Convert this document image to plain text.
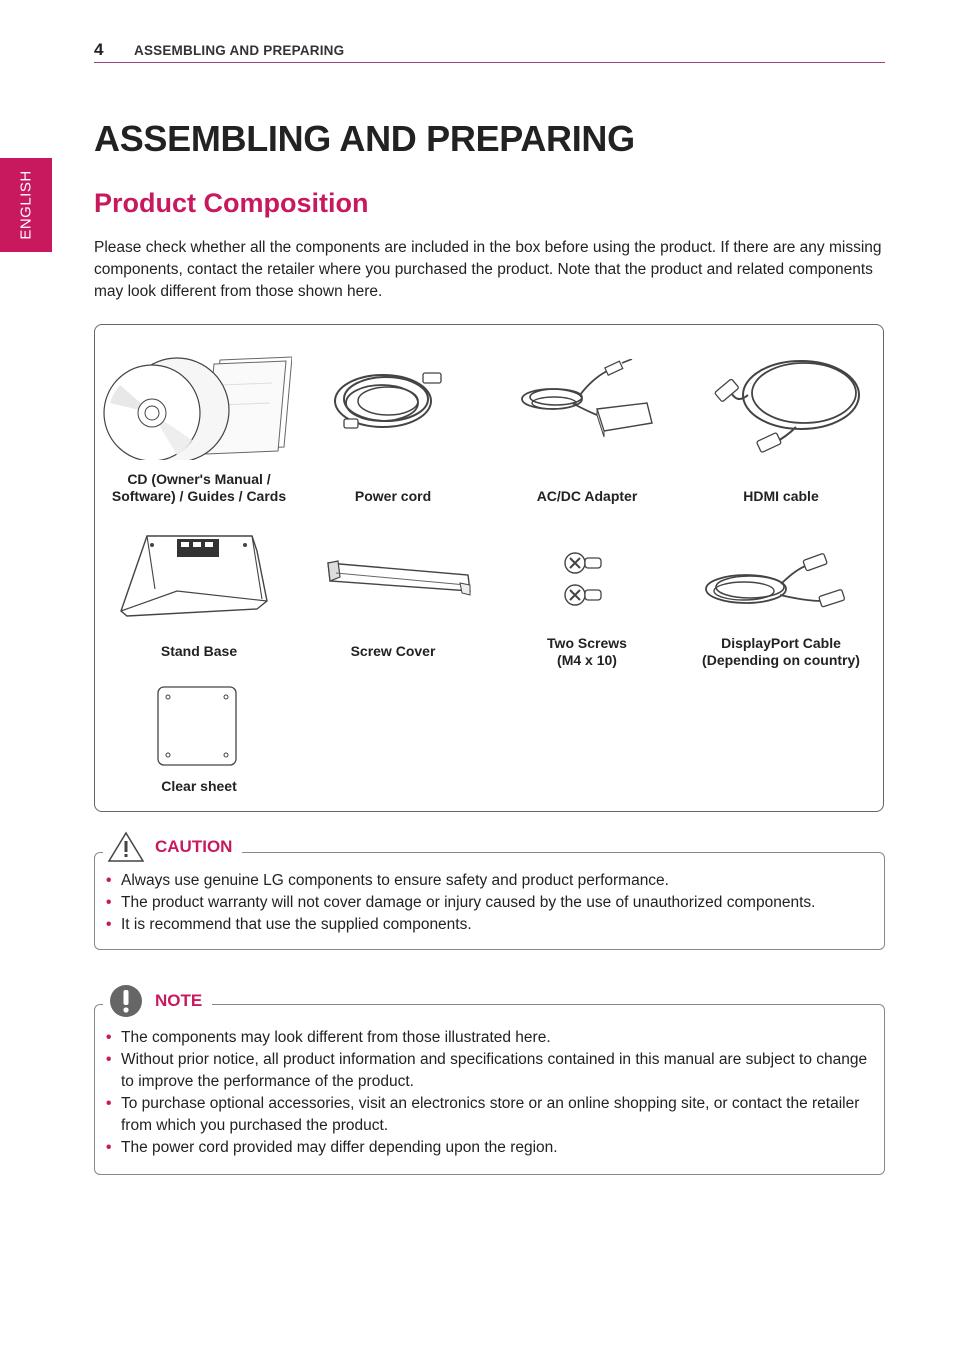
4 ASSEMBLING AND PREPARING
ENGLISH
ASSEMBLING AND PREPARING
Product Composition

Please check whether all the components are included in the box before using the product. If there are any missing components, contact the retailer where you purchased the product. Note that the product and related components may look different from those shown here.

CD (Owner's Manual / Software) / Guides / Cards	Power cord	AC/DC Adapter	HDMI cable
Stand Base	Screw Cover	Two Screws
(M4 x 10)
DisplayPort Cable
(Depending on country)
Clear sheet
CAUTION
• Always use genuine LG components to ensure safety and product performance.
• The product warranty will not cover damage or injury caused by the use of unauthorized components.
• It is recommend that use the supplied components.
NOTE
• The components may look different from those illustrated here.
• Without prior notice, all product information and specifications contained in this manual are subject to change to improve the performance of the product.
• To purchase optional accessories, visit an electronics store or an online shopping site, or contact the retailer from which you purchased the product.
• The power cord provided may differ depending upon the region.
